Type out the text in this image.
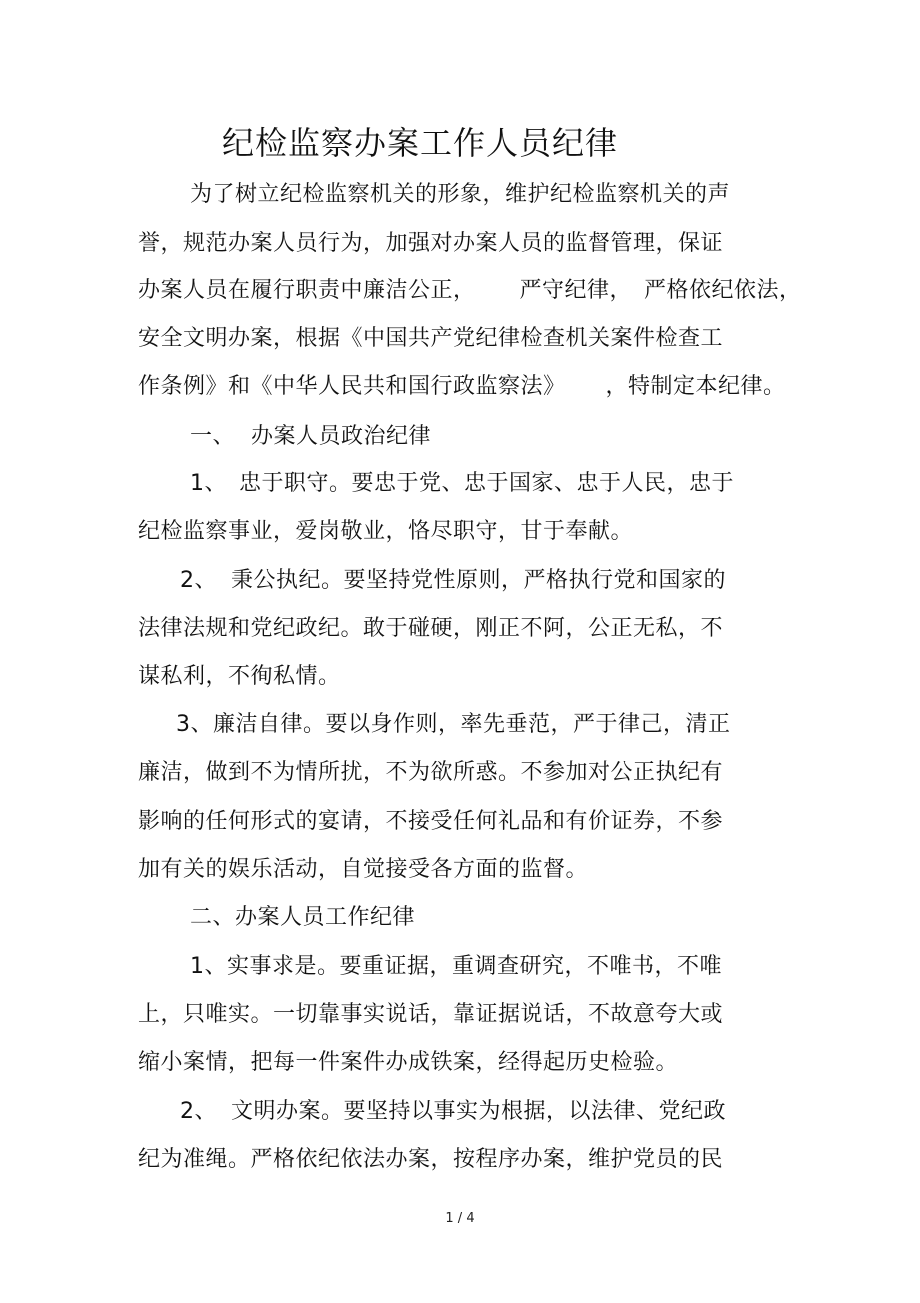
纪检监察办案工作人员纪律
为了树立纪检监察机关的形象，维护纪检监察机关的声
誉，规范办案人员行为，加强对办案人员的监督管理，保证
办案人员在履行职责中廉洁公正， 严守纪律， 严格依纪依法，
安全文明办案，根据《中国共产党纪律检查机关案件检查工
作条例》和《中华人民共和国行政监察法》 ，特制定本纪律。
一、 办案人员政治纪律
1、 忠于职守。要忠于党、忠于国家、忠于人民，忠于
纪检监察事业，爱岗敬业，恪尽职守，甘于奉献。
2、 秉公执纪。要坚持党性原则，严格执行党和国家的
法律法规和党纪政纪。敢于碰硬，刚正不阿，公正无私，不
谋私利，不徇私情。
3、廉洁自律。要以身作则，率先垂范，严于律己，清正
廉洁，做到不为情所扰，不为欲所惑。不参加对公正执纪有
影响的任何形式的宴请，不接受任何礼品和有价证券，不参
加有关的娱乐活动，自觉接受各方面的监督。
二、办案人员工作纪律
1、实事求是。要重证据，重调查研究，不唯书，不唯
上，只唯实。一切靠事实说话，靠证据说话，不故意夸大或
缩小案情，把每一件案件办成铁案，经得起历史检验。
2、 文明办案。要坚持以事实为根据，以法律、党纪政
纪为准绳。严格依纪依法办案，按程序办案，维护党员的民
1 / 4
